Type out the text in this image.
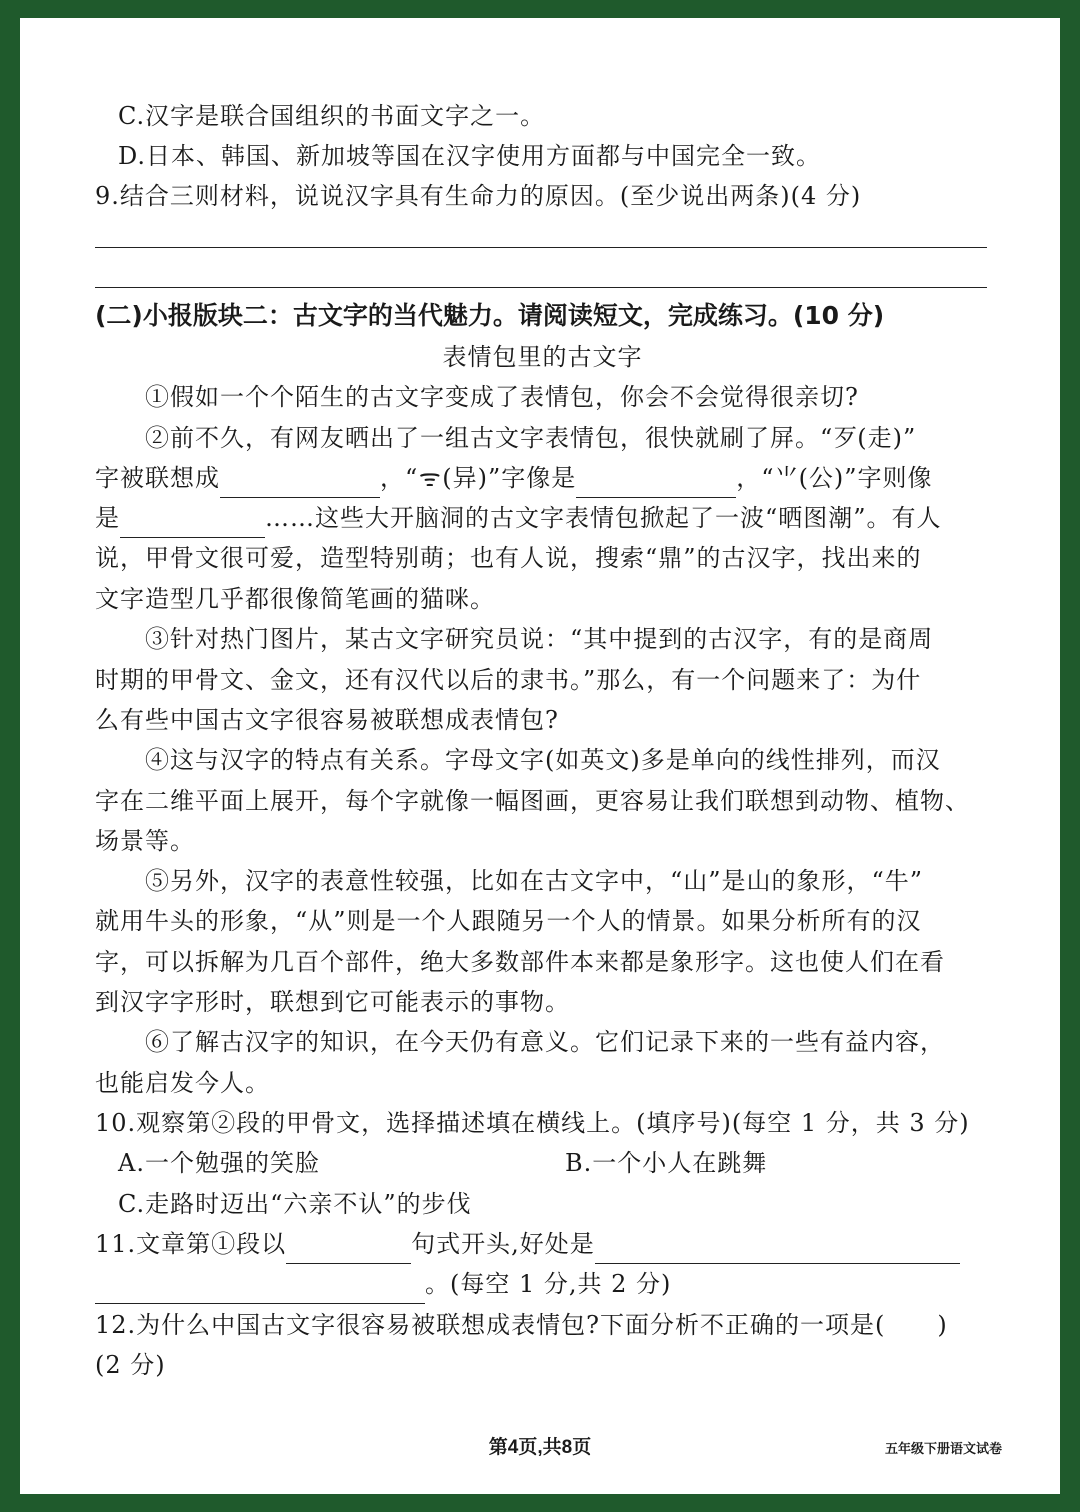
C.汉字是联合国组织的书面文字之一。
D.日本、韩国、新加坡等国在汉字使用方面都与中国完全一致。
9.结合三则材料，说说汉字具有生命力的原因。(至少说出两条)(4 分)
(二)小报版块二：古文字的当代魅力。请阅读短文，完成练习。(10 分)
表情包里的古文字
①假如一个个陌生的古文字变成了表情包，你会不会觉得很亲切?
②前不久，有网友晒出了一组古文字表情包，很快就刷了屏。“⽍(走)”
字被联想成	，“ᯤ(异)”字像是	，“⺌(公)”字则像
是	……这些大开脑洞的古文字表情包掀起了一波“晒图潮”。有人
说，甲骨文很可爱，造型特别萌；也有人说，搜索“鼎”的古汉字，找出来的
文字造型几乎都很像简笔画的猫咪。
③针对热门图片，某古文字研究员说：“其中提到的古汉字，有的是商周
时期的甲骨文、金文，还有汉代以后的隶书。”那么，有一个问题来了：为什
么有些中国古文字很容易被联想成表情包?
④这与汉字的特点有关系。字母文字(如英文)多是单向的线性排列，而汉
字在二维平面上展开，每个字就像一幅图画，更容易让我们联想到动物、植物、
场景等。
⑤另外，汉字的表意性较强，比如在古文字中，“山”是山的象形，“牛”
就用牛头的形象，“从”则是一个人跟随另一个人的情景。如果分析所有的汉
字，可以拆解为几百个部件，绝大多数部件本来都是象形字。这也使人们在看
到汉字字形时，联想到它可能表示的事物。
⑥了解古汉字的知识，在今天仍有意义。它们记录下来的一些有益内容，
也能启发今人。
10.观察第②段的甲骨文，选择描述填在横线上。(填序号)(每空 1 分，共 3 分)
A.一个勉强的笑脸	B.一个小人在跳舞
C.走路时迈出“六亲不认”的步伐
11.文章第①段以	句式开头,好处是
。(每空 1 分,共 2 分)
12.为什么中国古文字很容易被联想成表情包?下面分析不正确的一项是( )
(2 分)
第4页,共8页	五年级下册语文试卷
